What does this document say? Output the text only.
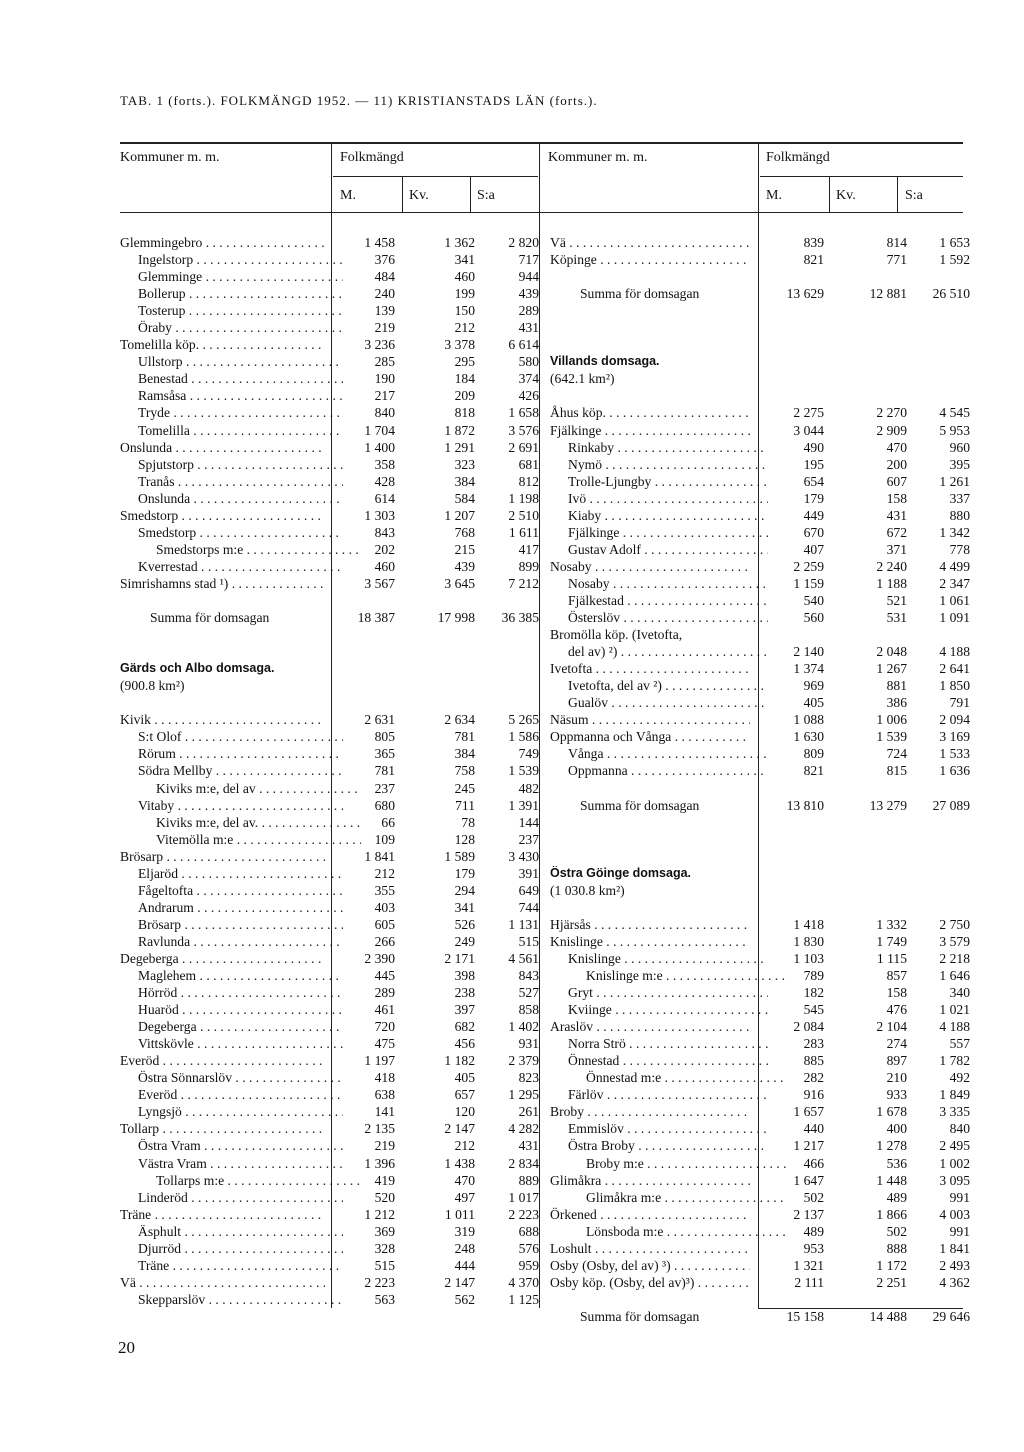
TAB. 1 (forts.). FOLKMÄNGD 1952. — 11) KRISTIANSTADS LÄN (forts.).
Kommuner m. m.	Folkmängd
M.	Kv.	S:a
Kommuner m. m.	Folkmängd
M.	Kv.	S:a
Glemmingebro . . .	1 458	1 362	2 820
Ingelstorp . . .	376	341	717
Glemminge . . .	484	460	944
Bollerup . . .	240	199	439
Tosterup . . .	139	150	289
Öraby . . .	219	212	431
Tomelilla köp. . . .	3 236	3 378	6 614
Ullstorp . . .	285	295	580
Benestad . . .	190	184	374
Ramsåsa . . .	217	209	426
Tryde . . .	840	818	1 658
Tomelilla . . .	1 704	1 872	3 576
Onslunda . . .	1 400	1 291	2 691
Spjutstorp . . .	358	323	681
Tranås . . .	428	384	812
Onslunda . . .	614	584	1 198
Smedstorp . . .	1 303	1 207	2 510
Smedstorp . . .	843	768	1 611
Smedstorps m:e . . .	202	215	417
Kverrestad . . .	460	439	899
Simrishamns stad ¹) . . .	3 567	3 645	7 212
Summa för domsagan	18 387	17 998	36 385
Gärds och Albo domsaga.
(900.8 km²)
Kivik . . .	2 631	2 634	5 265
S:t Olof . . .	805	781	1 586
Rörum . . .	365	384	749
Södra Mellby . . .	781	758	1 539
Kiviks m:e, del av . . .	237	245	482
Vitaby . . .	680	711	1 391
Kiviks m:e, del av. . . .	66	78	144
Vitemölla m:e . . .	109	128	237
Brösarp . . .	1 841	1 589	3 430
Eljaröd . . .	212	179	391
Fågeltofta . . .	355	294	649
Andrarum . . .	403	341	744
Brösarp . . .	605	526	1 131
Ravlunda . . .	266	249	515
Degeberga . . .	2 390	2 171	4 561
Maglehem . . .	445	398	843
Hörröd . . .	289	238	527
Huaröd . . .	461	397	858
Degeberga . . .	720	682	1 402
Vittskövle . . .	475	456	931
Everöd . . .	1 197	1 182	2 379
Östra Sönnarslöv . . .	418	405	823
Everöd . . .	638	657	1 295
Lyngsjö . . .	141	120	261
Tollarp . . .	2 135	2 147	4 282
Östra Vram . . .	219	212	431
Västra Vram . . .	1 396	1 438	2 834
Tollarps m:e . . .	419	470	889
Linderöd . . .	520	497	1 017
Träne . . .	1 212	1 011	2 223
Äsphult . . .	369	319	688
Djurröd . . .	328	248	576
Träne . . .	515	444	959
Vä . . .	2 223	2 147	4 370
Skepparslöv . . .	563	562	1 125
Vä . . .	839	814	1 653
Köpinge . . .	821	771	1 592
Summa för domsagan	13 629	12 881	26 510
Villands domsaga.
(642.1 km²)
Åhus köp. . . .	2 275	2 270	4 545
Fjälkinge . . .	3 044	2 909	5 953
Rinkaby . . .	490	470	960
Nymö . . .	195	200	395
Trolle-Ljungby . . .	654	607	1 261
Ivö . . .	179	158	337
Kiaby . . .	449	431	880
Fjälkinge . . .	670	672	1 342
Gustav Adolf . . .	407	371	778
Nosaby . . .	2 259	2 240	4 499
Nosaby . . .	1 159	1 188	2 347
Fjälkestad . . .	540	521	1 061
Österslöv . . .	560	531	1 091
Bromölla köp. (Ivetofta,
del av) ²) . . .	2 140	2 048	4 188
Ivetofta . . .	1 374	1 267	2 641
Ivetofta, del av ²) . . .	969	881	1 850
Gualöv . . .	405	386	791
Näsum . . .	1 088	1 006	2 094
Oppmanna och Vånga . . .	1 630	1 539	3 169
Vånga . . .	809	724	1 533
Oppmanna . . .	821	815	1 636
Summa för domsagan	13 810	13 279	27 089
Östra Göinge domsaga.
(1 030.8 km²)
Hjärsås . . .	1 418	1 332	2 750
Knislinge . . .	1 830	1 749	3 579
Knislinge . . .	1 103	1 115	2 218
Knislinge m:e . . .	789	857	1 646
Gryt . . .	182	158	340
Kviinge . . .	545	476	1 021
Araslöv . . .	2 084	2 104	4 188
Norra Strö . . .	283	274	557
Önnestad . . .	885	897	1 782
Önnestad m:e . . .	282	210	492
Färlöv . . .	916	933	1 849
Broby . . .	1 657	1 678	3 335
Emmislöv . . .	440	400	840
Östra Broby . . .	1 217	1 278	2 495
Broby m:e . . .	466	536	1 002
Glimåkra . . .	1 647	1 448	3 095
Glimåkra m:e . . .	502	489	991
Örkened . . .	2 137	1 866	4 003
Lönsboda m:e . . .	489	502	991
Loshult . . .	953	888	1 841
Osby (Osby, del av) ³) . . .	1 321	1 172	2 493
Osby köp. (Osby, del av)³) . . .	2 111	2 251	4 362
Summa för domsagan	15 158	14 488	29 646
20
